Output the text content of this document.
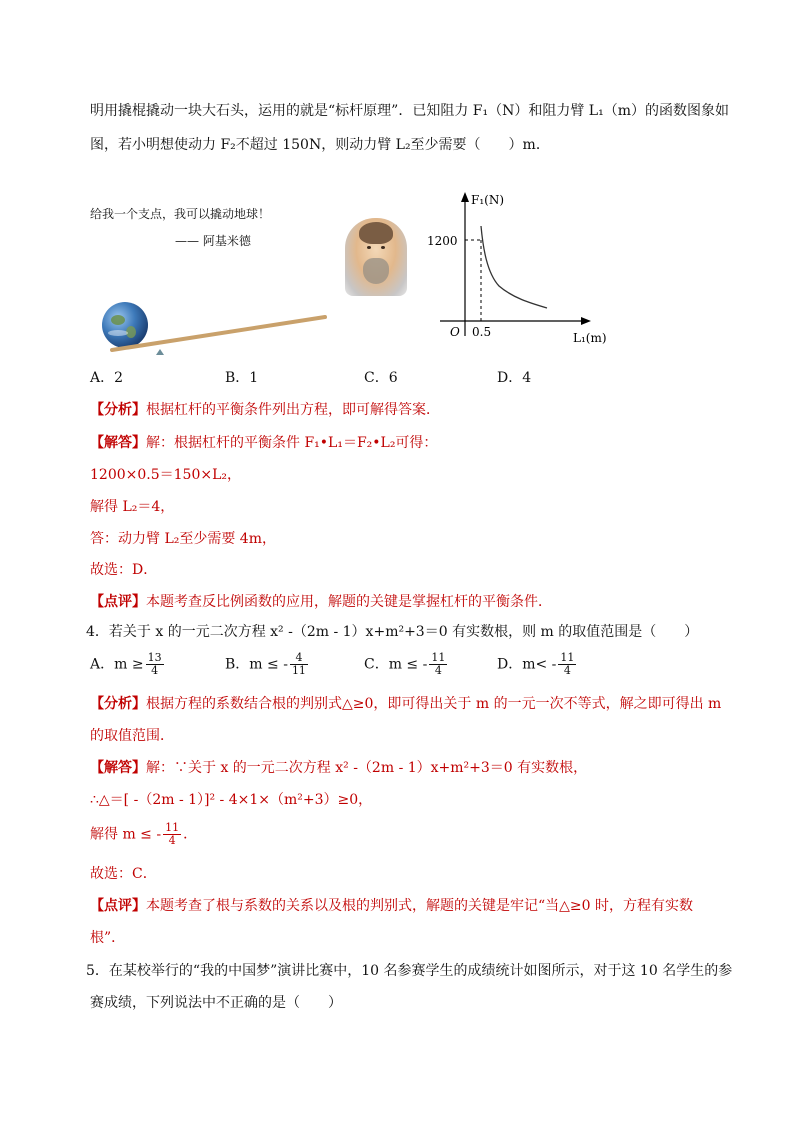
明用撬棍撬动一块大石头，运用的就是“标杆原理”．已知阻力 F₁（N）和阻力臂 L₁（m）的函数图象如
图，若小明想使动力 F₂不超过 150N，则动力臂 L₂至少需要（　　）m．
给我一个支点，我可以撬动地球！
—— 阿基米德
F₁(N)
1200
O 0.5	L₁(m)
A．2	B．1	C．6	D．4
【分析】根据杠杆的平衡条件列出方程，即可解得答案．
【解答】解：根据杠杆的平衡条件 F₁•L₁＝F₂•L₂可得：
1200×0.5＝150×L₂，
解得 L₂＝4，
答：动力臂 L₂至少需要 4m，
故选：D．
【点评】本题考查反比例函数的应用，解题的关键是掌握杠杆的平衡条件．
4．若关于 x 的一元二次方程 x² -（2m - 1）x+m²+3＝0 有实数根，则 m 的取值范围是（　　）
A．$m \ge \frac{13}{4}$	B．m ≤ - $\frac{4}{11}$	C．m ≤ - $\frac{11}{4}$	D．$m< - \frac{11}{4}$
【分析】根据方程的系数结合根的判别式△≥0，即可得出关于 m 的一元一次不等式，解之即可得出 m
的取值范围．
【解答】解：∵关于 x 的一元二次方程 x² -（2m - 1）x+m²+3＝0 有实数根，
∴△＝[ -（2m - 1）]² - 4×1×（m²+3）≥0，
解得 m ≤ - $\frac{11}{4}$ ．
故选：C．
【点评】本题考查了根与系数的关系以及根的判别式，解题的关键是牢记“当△≥0 时，方程有实数
根”．
5．在某校举行的“我的中国梦”演讲比赛中，10 名参赛学生的成绩统计如图所示，对于这 10 名学生的参
赛成绩，下列说法中不正确的是（　　）
